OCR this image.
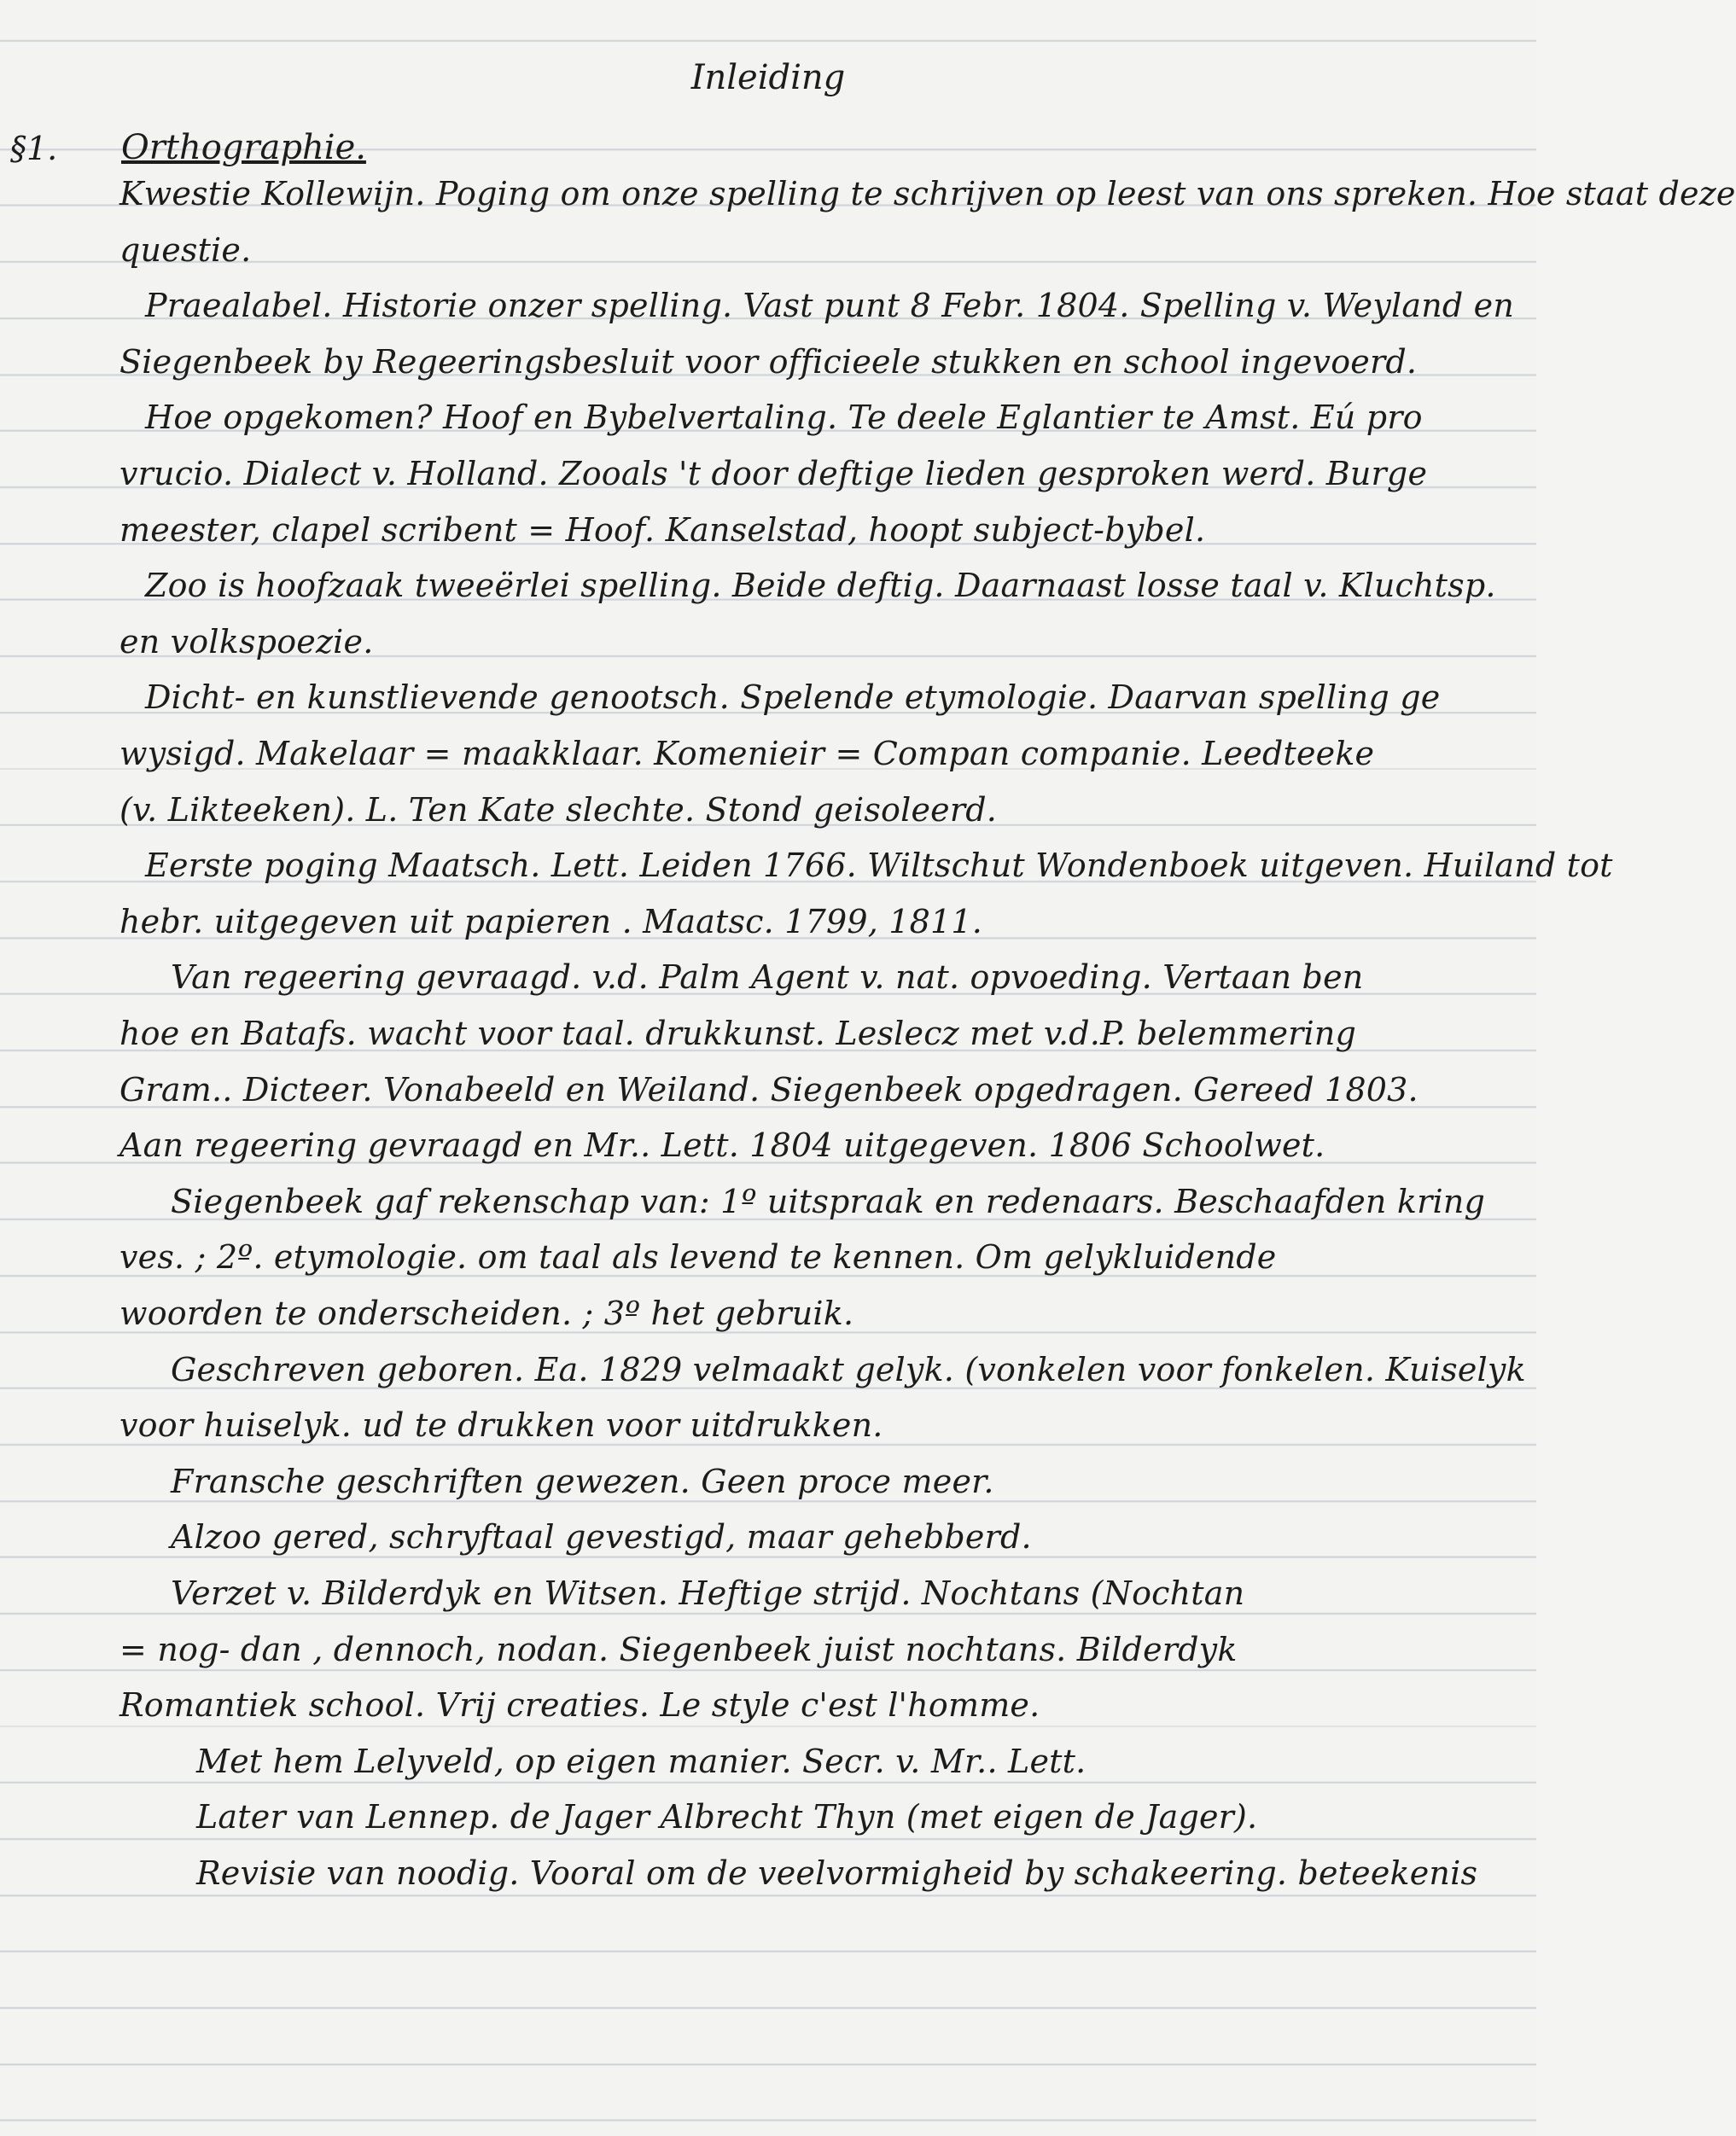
Inleiding
§1. Orthographie.
Kwestie Kollewijn. Poging om onze spelling te schrijven op leest van ons spreken. Hoe staat deze
questie.
Praealabel. Historie onzer spelling. Vast punt 8 Febr. 1804. Spelling v. Weyland en
Siegenbeek by Regeeringsbesluit voor officieele stukken en school ingevoerd.
Hoe opgekomen? Hoof en Bybelvertaling. Te deele Eglantier te Amst. Eú pro
vrucio. Dialect v. Holland. Zooals 't door deftige lieden gesproken werd. Burge
meester, clapel scribent = Hoof. Kanselstad, hoopt subject-bybel.
Zoo is hoofzaak tweeërlei spelling. Beide deftig. Daarnaast losse taal v. Kluchtsp.
en volkspoezie.
Dicht- en kunstlievende genootsch. Spelende etymologie. Daarvan spelling ge
wysigd. Makelaar = maakklaar. Komenieir = Compan companie. Leedteeke
(v. Likteeken). L. Ten Kate slechte. Stond geisoleerd.
Eerste poging Maatsch. Lett. Leiden 1766. Wiltschut Wondenboek uitgeven. Huiland tot
hebr. uitgegeven uit papieren . Maatsc. 1799, 1811.
Van regeering gevraagd. v.d. Palm Agent v. nat. opvoeding. Vertaan ben
hoe en Batafs. wacht voor taal. drukkunst. Leslecz met v.d.P. belemmering
Gram.. Dicteer. Vonabeeld en Weiland. Siegenbeek opgedragen. Gereed 1803.
Aan regeering gevraagd en Mr.. Lett. 1804 uitgegeven. 1806 Schoolwet.
Siegenbeek gaf rekenschap van: 1º uitspraak en redenaars. Beschaafden kring
ves. ; 2º. etymologie. om taal als levend te kennen. Om gelykluidende
woorden te onderscheiden. ; 3º het gebruik.
Geschreven geboren. Ea. 1829 velmaakt gelyk. (vonkelen voor fonkelen. Kuiselyk
voor huiselyk. ud te drukken voor uitdrukken.
Fransche geschriften gewezen. Geen proce meer.
Alzoo gered, schryftaal gevestigd, maar gehebberd.
Verzet v. Bilderdyk en Witsen. Heftige strijd. Nochtans (Nochtan
= nog- dan , dennoch, nodan. Siegenbeek juist nochtans. Bilderdyk
Romantiek school. Vrij creaties. Le style c'est l'homme.
Met hem Lelyveld, op eigen manier. Secr. v. Mr.. Lett.
Later van Lennep. de Jager Albrecht Thyn (met eigen de Jager).
Revisie van noodig. Vooral om de veelvormigheid by schakeering. beteekenis
